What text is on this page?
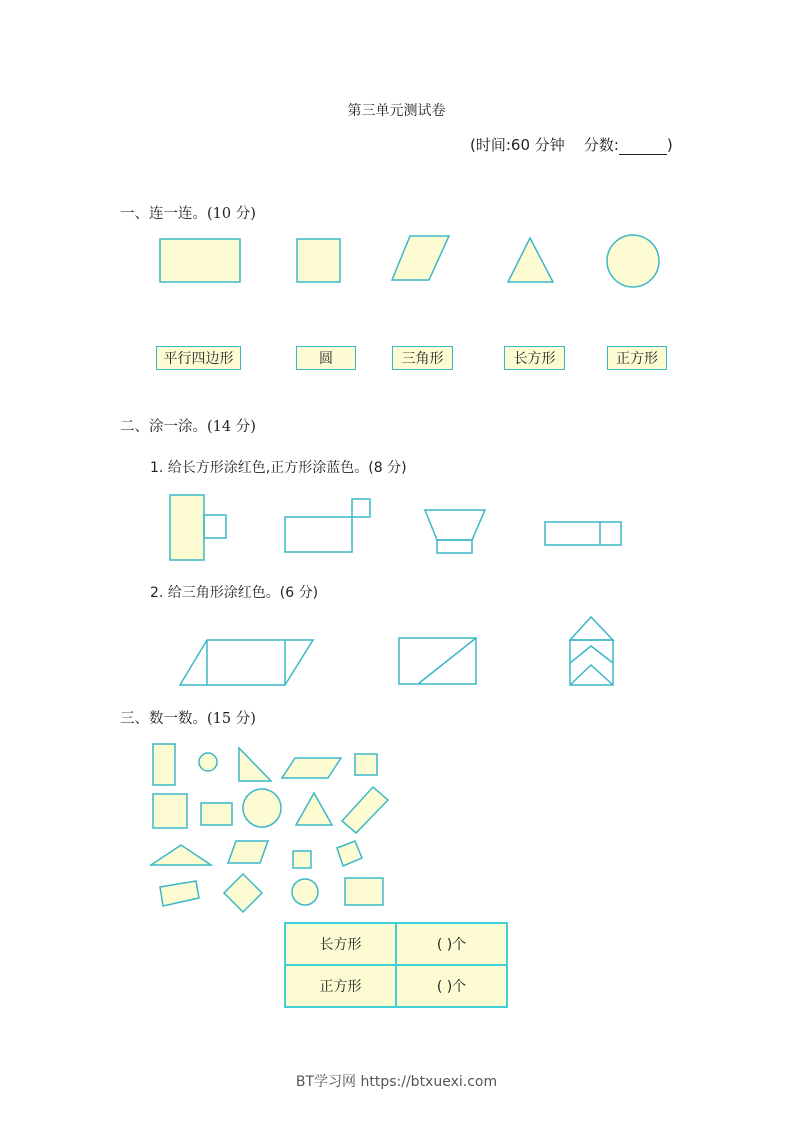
第三单元测试卷
(时间:60 分钟 分数:	)
一、连一连。(10 分)
二、涂一涂。(14 分)
1. 给长方形涂红色,正方形涂蓝色。(8 分)
2. 给三角形涂红色。(6 分)
三、数一数。(15 分)
平行四边形	圆	三角形	长方形	正方形
长方形	( )个
正方形	( )个
BT学习网 https://btxuexi.com
